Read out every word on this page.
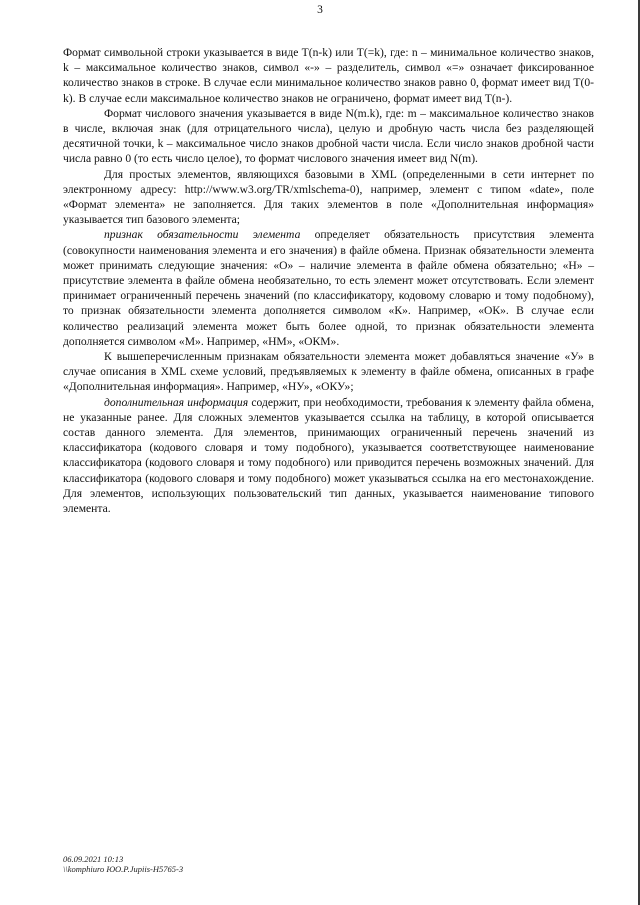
3

Формат символьной строки указывается в виде T(n-k) или T(=k), где: n – минимальное количество знаков, k – максимальное количество знаков, символ «-» – разделитель, символ «=» означает фиксированное количество знаков в строке. В случае если минимальное количество знаков равно 0, формат имеет вид T(0-k). В случае если максимальное количество знаков не ограничено, формат имеет вид T(n-).

Формат числового значения указывается в виде N(m.k), где: m – максимальное количество знаков в числе, включая знак (для отрицательного числа), целую и дробную часть числа без разделяющей десятичной точки, k – максимальное число знаков дробной части числа. Если число знаков дробной части числа равно 0 (то есть число целое), то формат числового значения имеет вид N(m).

Для простых элементов, являющихся базовыми в XML (определенными в сети интернет по электронному адресу: http://www.w3.org/TR/xmlschema-0), например, элемент с типом «date», поле «Формат элемента» не заполняется. Для таких элементов в поле «Дополнительная информация» указывается тип базового элемента;

признак обязательности элемента определяет обязательность присутствия элемента (совокупности наименования элемента и его значения) в файле обмена. Признак обязательности элемента может принимать следующие значения: «О» – наличие элемента в файле обмена обязательно; «Н» – присутствие элемента в файле обмена необязательно, то есть элемент может отсутствовать. Если элемент принимает ограниченный перечень значений (по классификатору, кодовому словарю и тому подобному), то признак обязательности элемента дополняется символом «К». Например, «ОК». В случае если количество реализаций элемента может быть более одной, то признак обязательности элемента дополняется символом «М». Например, «НМ», «ОКМ».

К вышеперечисленным признакам обязательности элемента может добавляться значение «У» в случае описания в XML схеме условий, предъявляемых к элементу в файле обмена, описанных в графе «Дополнительная информация». Например, «НУ», «ОКУ»;

дополнительная информация содержит, при необходимости, требования к элементу файла обмена, не указанные ранее. Для сложных элементов указывается ссылка на таблицу, в которой описывается состав данного элемента. Для элементов, принимающих ограниченный перечень значений из классификатора (кодового словаря и тому подобного), указывается соответствующее наименование классификатора (кодового словаря и тому подобного) или приводится перечень возможных значений. Для классификатора (кодового словаря и тому подобного) может указываться ссылка на его местонахождение. Для элементов, использующих пользовательский тип данных, указывается наименование типового элемента.

06.09.2021 10:13
\\komphiuro ЮО.Р.Jupiis-H5765-3
